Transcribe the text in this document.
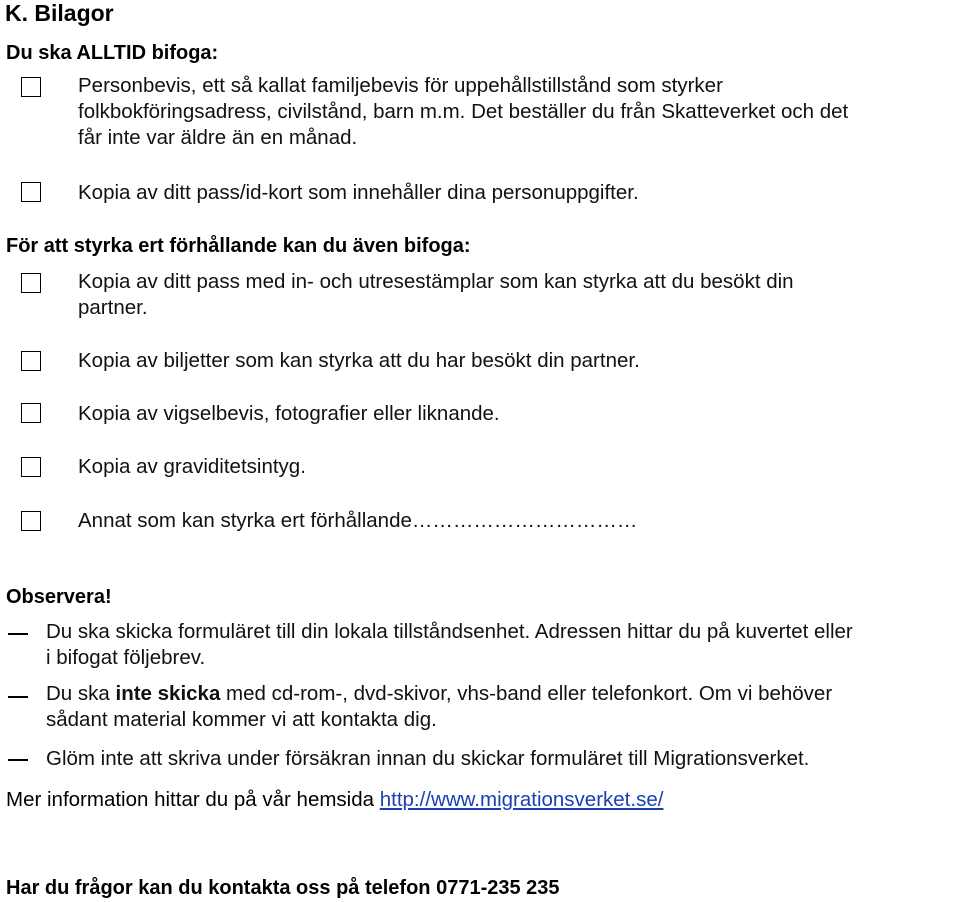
K. Bilagor
Du ska ALLTID bifoga:
Personbevis, ett så kallat familjebevis för uppehållstillstånd som styrker
folkbokföringsadress, civilstånd, barn m.m. Det beställer du från Skatteverket och det
får inte var äldre än en månad.
Kopia av ditt pass/id-kort som innehåller dina personuppgifter.
För att styrka ert förhållande kan du även bifoga:
Kopia av ditt pass med in- och utresestämplar som kan styrka att du besökt din
partner.
Kopia av biljetter som kan styrka att du har besökt din partner.
Kopia av vigselbevis, fotografier eller liknande.
Kopia av graviditetsintyg.
Annat som kan styrka ert förhållande……………………………
Observera!
Du ska skicka formuläret till din lokala tillståndsenhet. Adressen hittar du på kuvertet eller
i bifogat följebrev.
Du ska inte skicka med cd-rom-, dvd-skivor, vhs-band eller telefonkort. Om vi behöver
sådant material kommer vi att kontakta dig.
Glöm inte att skriva under försäkran innan du skickar formuläret till Migrationsverket.
Mer information hittar du på vår hemsida http://www.migrationsverket.se/
Har du frågor kan du kontakta oss på telefon 0771-235 235
